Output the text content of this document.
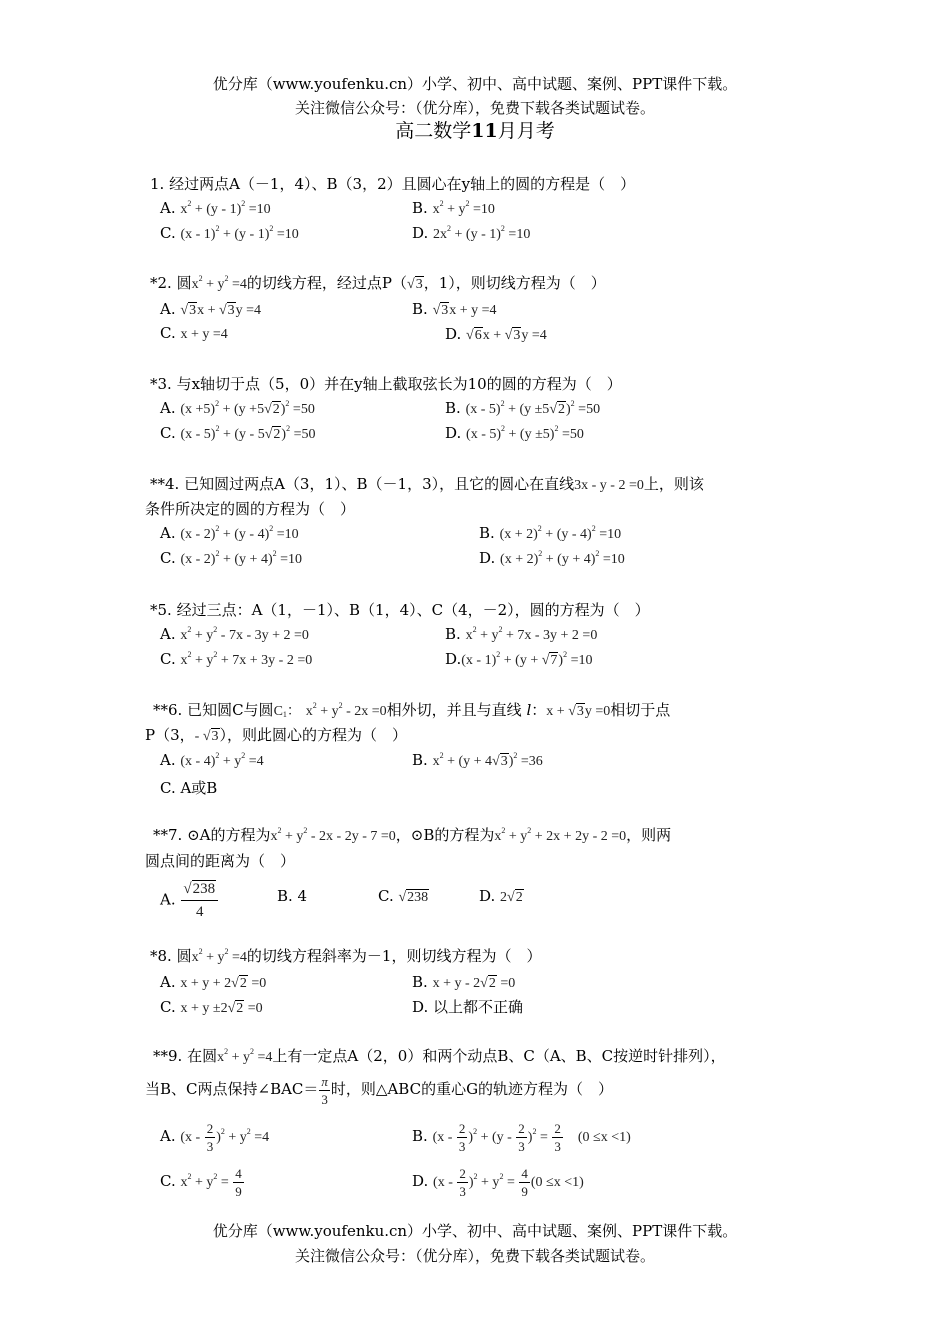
优分库（www.youfenku.cn）小学、初中、高中试题、案例、PPT课件下载。
关注微信公众号：（优分库），免费下载各类试题试卷。
高二数学11月月考
1. 经过两点A（－1，4）、B（3，2）且圆心在y轴上的圆的方程是（　）
A. $x^2 + (y - 1)^2 =10$	B. $x^2 + y^2 =10$
C. (x - 1)$^2$ + (y - 1)$^2$ =10	D. $2x^2 + (y - 1)^2 =10$
*2. 圆$x^2 + y^2 =4$的切线方程，经过点P（√3，1），则切线方程为（　）
A. √3x + √3y =4	B. √3x + y =4
C. x + y =4	D. √6x + √3y =4
*3. 与x轴切于点（5，0）并在y轴上截取弦长为10的圆的方程为（　）
A. $(x +5)^2 + (y +5√2)^2 =50$	B. $(x - 5)^2 + (y \pm 5√2)^2 =50$
C. (x - 5)$^2$ + (y - 5√2)$^2$ =50	D. $(x - 5)^2 + (y \pm 5)^2 =50$
**4. 已知圆过两点A（3，1）、B（－1，3），且它的圆心在直线3x - y - 2 =0上，则该
条件所决定的圆的方程为（　）
A. (x - 2)$^2$ + (y - 4)$^2$ =10	B. $(x + 2)^2 + (y - 4)^2 =10$
C. $(x - 2)^2 + (y + 4)^2 =10$	D. $(x + 2)^2 + (y + 4)^2 =10$
*5. 经过三点：A（1，－1）、B（1，4）、C（4，－2），圆的方程为（　）
A. $x^2 + y^2 - 7x - 3y + 2 =0$	B. $x^2 + y^2 + 7x - 3y + 2 =0$
C. $x^2 + y^2 + 7x + 3y - 2 =0$	$D.(x - 1)^2 + (y + √7)^2 =10$
**6. 已知圆C与圆$C_1$： $x^2 + y^2 - 2x =0$相外切，并且与直线 l：x + √3y =0相切于点
P（3，- √3），则此圆心的方程为（　）
A. $(x - 4)^2 + y^2 =4$	B. $x^2 + (y + 4√3)^2 =36$
C. A或B
**7. ⊙A的方程为$x^2 + y^2 - 2x - 2y - 7 =0$，⊙B的方程为$x^2 + y^2 + 2x + 2y - 2 =0$，则两
圆点间的距离为（　）
A. $\frac{√238}{4}$	B. 4	C. √238	D. 2√2
*8. 圆$x^2 + y^2 =4$的切线方程斜率为－1，则切线方程为（　）
A. x + y + 2√2 =0	B. x + y - 2√2 =0
C. x + y ±2√2 =0	D. 以上都不正确
**9. 在圆$x^2 + y^2 =4$上有一定点A（2，0）和两个动点B、C（A、B、C按逆时针排列），
当B、C两点保持∠BAC＝ $\frac{\pi}{3}$ 时，则△ABC的重心G的轨迹方程为（　）
A. $(x - \frac{2}{3} )^2 + y^2 =4$	B. $(x - \frac{2}{3} )^2 + (y - \frac{2}{3} )^2 = \frac{2}{3}$ 　(0 ≤x <1)
C. $x^2 + y^2 = \frac{4}{9}$	D. $(x - \frac{2}{3} )^2 + y^2 = \frac{4}{9} (0 \le x <1)$
优分库（www.youfenku.cn）小学、初中、高中试题、案例、PPT课件下载。
关注微信公众号：（优分库），免费下载各类试题试卷。
